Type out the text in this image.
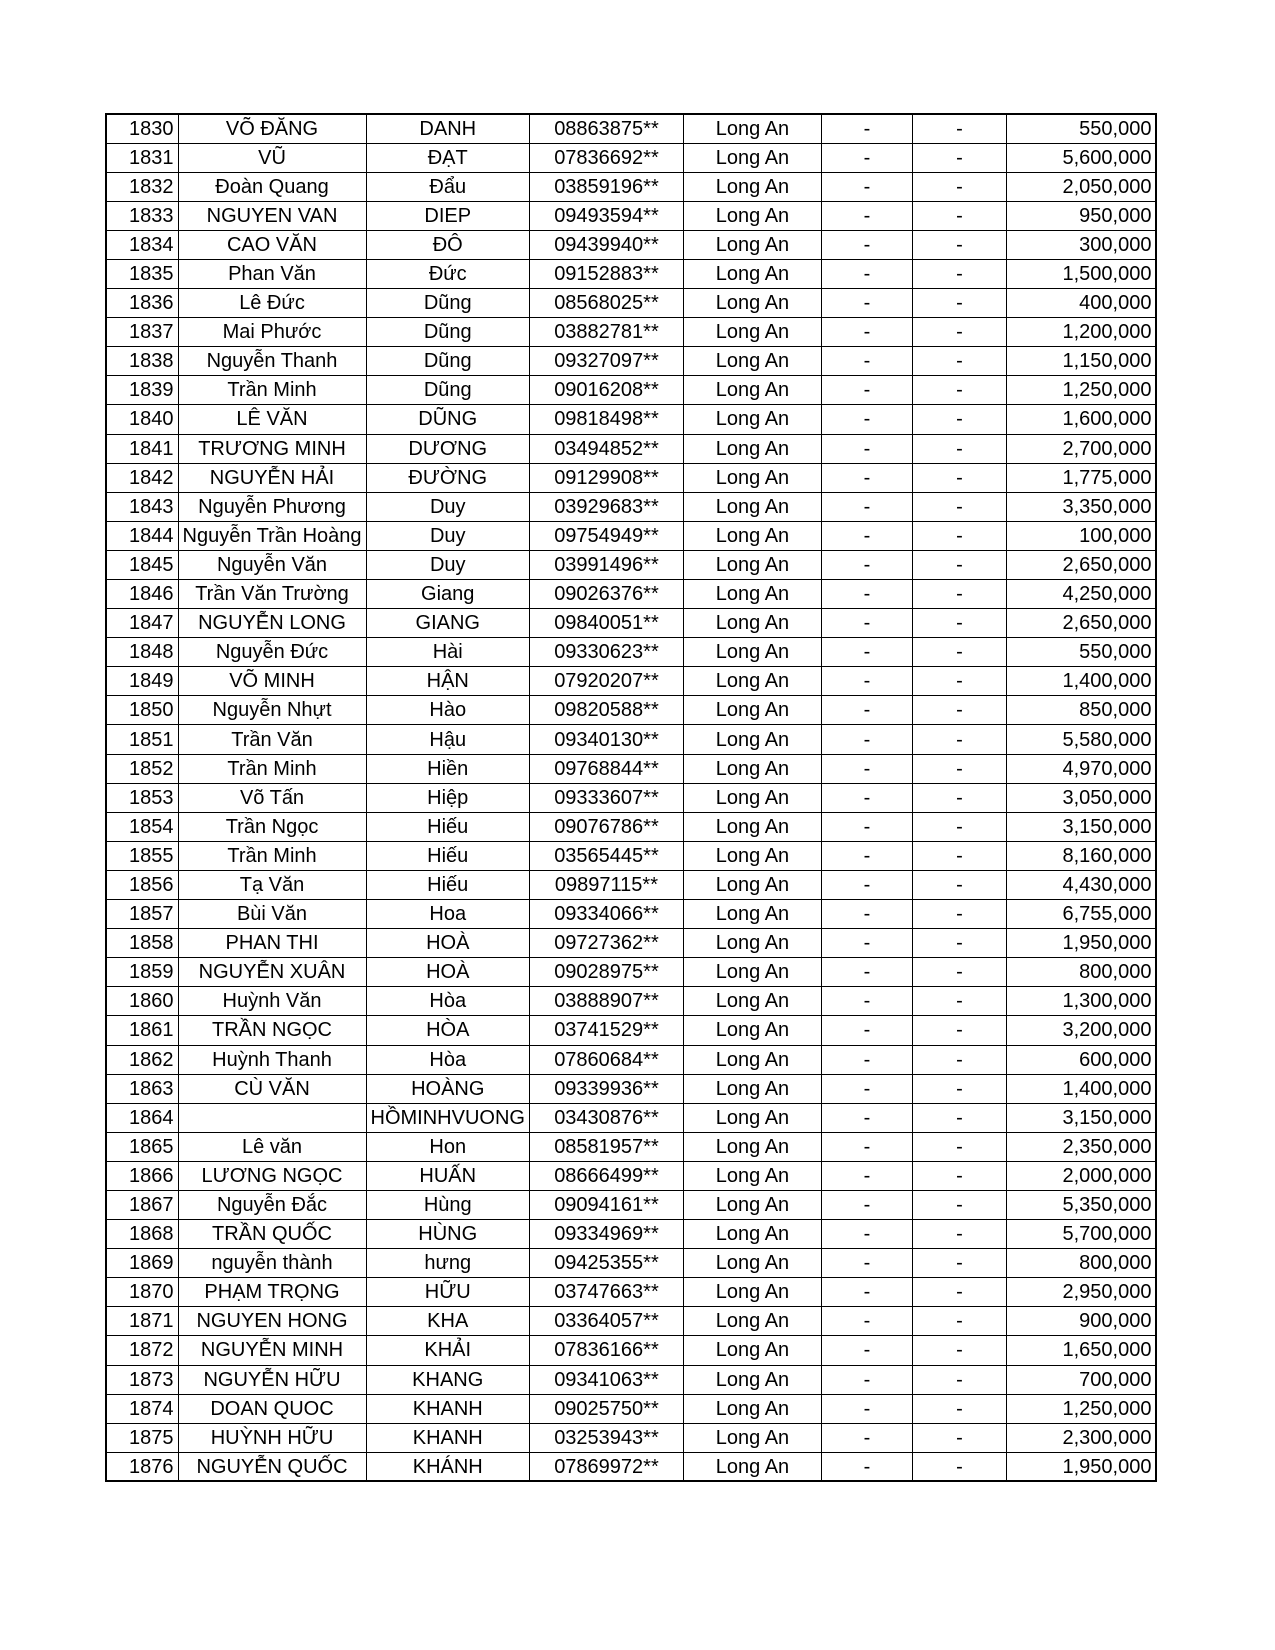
1830	VÕ ĐĂNG	DANH	08863875**	Long An	-	-	550,000
1831	VŨ	ĐẠT	07836692**	Long An	-	-	5,600,000
1832	Đoàn Quang	Đẩu	03859196**	Long An	-	-	2,050,000
1833	NGUYEN VAN	DIEP	09493594**	Long An	-	-	950,000
1834	CAO VĂN	ĐÔ	09439940**	Long An	-	-	300,000
1835	Phan Văn	Đức	09152883**	Long An	-	-	1,500,000
1836	Lê Đức	Dũng	08568025**	Long An	-	-	400,000
1837	Mai Phước	Dũng	03882781**	Long An	-	-	1,200,000
1838	Nguyễn Thanh	Dũng	09327097**	Long An	-	-	1,150,000
1839	Trần Minh	Dũng	09016208**	Long An	-	-	1,250,000
1840	LÊ VĂN	DŨNG	09818498**	Long An	-	-	1,600,000
1841	TRƯƠNG MINH	DƯƠNG	03494852**	Long An	-	-	2,700,000
1842	NGUYỄN HẢI	ĐƯỜNG	09129908**	Long An	-	-	1,775,000
1843	Nguyễn Phương	Duy	03929683**	Long An	-	-	3,350,000
1844	Nguyễn Trần Hoàng	Duy	09754949**	Long An	-	-	100,000
1845	Nguyễn Văn	Duy	03991496**	Long An	-	-	2,650,000
1846	Trần Văn Trường	Giang	09026376**	Long An	-	-	4,250,000
1847	NGUYỄN LONG	GIANG	09840051**	Long An	-	-	2,650,000
1848	Nguyễn Đức	Hài	09330623**	Long An	-	-	550,000
1849	VÕ MINH	HẬN	07920207**	Long An	-	-	1,400,000
1850	Nguyễn Nhựt	Hào	09820588**	Long An	-	-	850,000
1851	Trần Văn	Hậu	09340130**	Long An	-	-	5,580,000
1852	Trần Minh	Hiền	09768844**	Long An	-	-	4,970,000
1853	Võ Tấn	Hiệp	09333607**	Long An	-	-	3,050,000
1854	Trần Ngọc	Hiếu	09076786**	Long An	-	-	3,150,000
1855	Trần Minh	Hiếu	03565445**	Long An	-	-	8,160,000
1856	Tạ Văn	Hiếu	09897115**	Long An	-	-	4,430,000
1857	Bùi Văn	Hoa	09334066**	Long An	-	-	6,755,000
1858	PHAN THI	HOÀ	09727362**	Long An	-	-	1,950,000
1859	NGUYỄN XUÂN	HOÀ	09028975**	Long An	-	-	800,000
1860	Huỳnh Văn	Hòa	03888907**	Long An	-	-	1,300,000
1861	TRẦN NGỌC	HÒA	03741529**	Long An	-	-	3,200,000
1862	Huỳnh Thanh	Hòa	07860684**	Long An	-	-	600,000
1863	CÙ VĂN	HOÀNG	09339936**	Long An	-	-	1,400,000
1864		HỒMINHVUONG	03430876**	Long An	-	-	3,150,000
1865	Lê văn	Hon	08581957**	Long An	-	-	2,350,000
1866	LƯƠNG NGỌC	HUẤN	08666499**	Long An	-	-	2,000,000
1867	Nguyễn Đắc	Hùng	09094161**	Long An	-	-	5,350,000
1868	TRẦN QUỐC	HÙNG	09334969**	Long An	-	-	5,700,000
1869	nguyễn thành	hưng	09425355**	Long An	-	-	800,000
1870	PHẠM TRỌNG	HỮU	03747663**	Long An	-	-	2,950,000
1871	NGUYEN HONG	KHA	03364057**	Long An	-	-	900,000
1872	NGUYỄN MINH	KHẢI	07836166**	Long An	-	-	1,650,000
1873	NGUYỄN HỮU	KHANG	09341063**	Long An	-	-	700,000
1874	DOAN QUOC	KHANH	09025750**	Long An	-	-	1,250,000
1875	HUỲNH HỮU	KHANH	03253943**	Long An	-	-	2,300,000
1876	NGUYỄN QUỐC	KHÁNH	07869972**	Long An	-	-	1,950,000
